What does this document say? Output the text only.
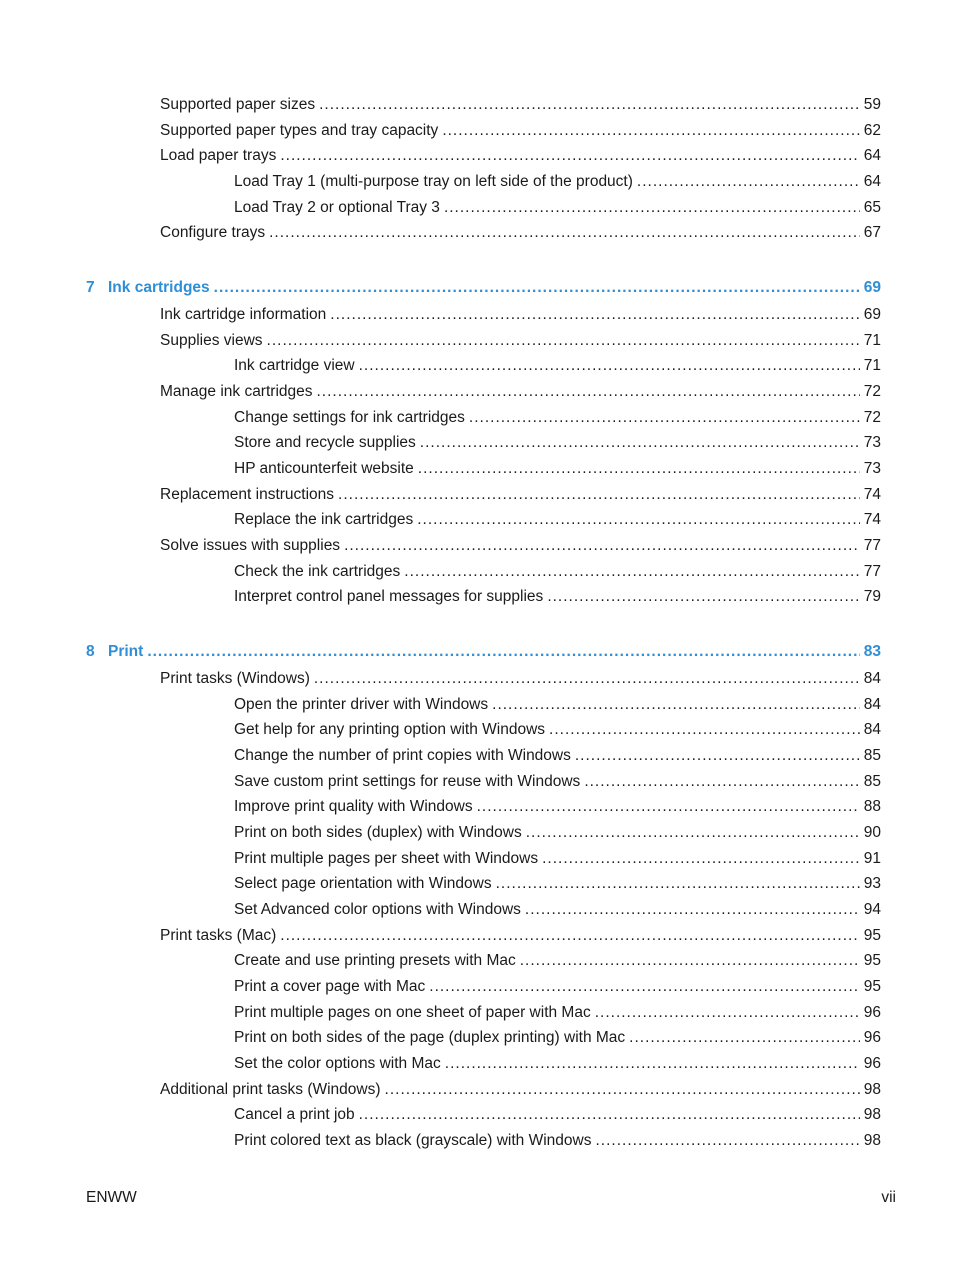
Supported paper sizes .....	59
Supported paper types and tray capacity .....	62
Load paper trays .....	64
Load Tray 1 (multi-purpose tray on left side of the product) .....	64
Load Tray 2 or optional Tray 3 .....	65
Configure trays .....	67
7 Ink cartridges .....	69
Ink cartridge information .....	69
Supplies views .....	71
Ink cartridge view .....	71
Manage ink cartridges .....	72
Change settings for ink cartridges .....	72
Store and recycle supplies .....	73
HP anticounterfeit website .....	73
Replacement instructions .....	74
Replace the ink cartridges .....	74
Solve issues with supplies .....	77
Check the ink cartridges .....	77
Interpret control panel messages for supplies .....	79
8 Print .....	83
Print tasks (Windows) .....	84
Open the printer driver with Windows .....	84
Get help for any printing option with Windows .....	84
Change the number of print copies with Windows .....	85
Save custom print settings for reuse with Windows .....	85
Improve print quality with Windows .....	88
Print on both sides (duplex) with Windows .....	90
Print multiple pages per sheet with Windows .....	91
Select page orientation with Windows .....	93
Set Advanced color options with Windows .....	94
Print tasks (Mac) .....	95
Create and use printing presets with Mac .....	95
Print a cover page with Mac .....	95
Print multiple pages on one sheet of paper with Mac .....	96
Print on both sides of the page (duplex printing) with Mac .....	96
Set the color options with Mac .....	96
Additional print tasks (Windows) .....	98
Cancel a print job .....	98
Print colored text as black (grayscale) with Windows .....	98
ENWW	vii
